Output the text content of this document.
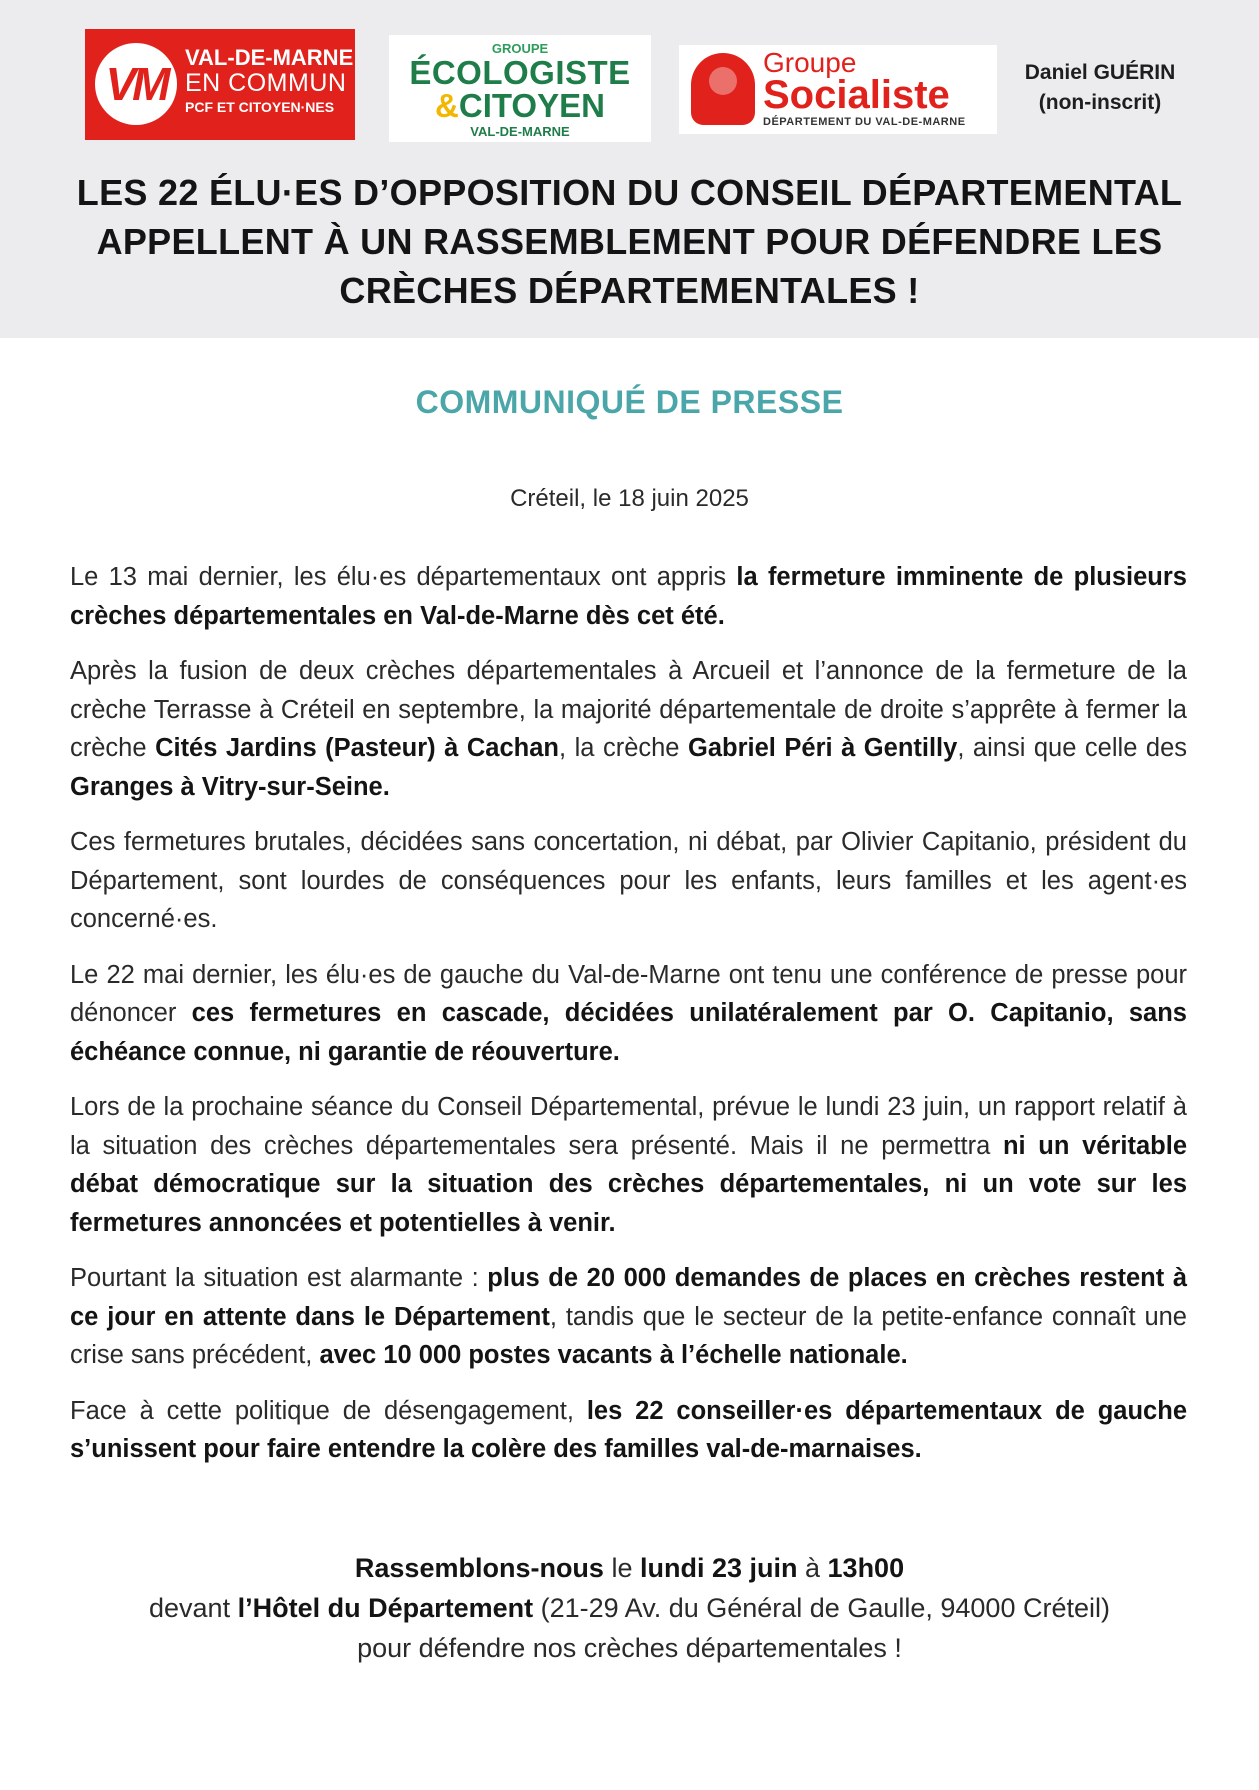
VM
VAL-DE-MARNE
EN COMMUN
PCF ET CITOYEN·NES
GROUPE
ÉCOLOGISTE
&CITOYEN
VAL-DE-MARNE
Groupe
Socialiste
DÉPARTEMENT DU VAL-DE-MARNE
Daniel GUÉRIN
(non-inscrit)
LES 22 ÉLU·ES D’OPPOSITION DU CONSEIL DÉPARTEMENTAL APPELLENT À UN RASSEMBLEMENT POUR DÉFENDRE LES CRÈCHES DÉPARTEMENTALES !
COMMUNIQUÉ DE PRESSE
Créteil, le 18 juin 2025

Le 13 mai dernier, les élu·es départementaux ont appris la fermeture imminente de plusieurs crèches départementales en Val-de-Marne dès cet été.

Après la fusion de deux crèches départementales à Arcueil et l’annonce de la fermeture de la crèche Terrasse à Créteil en septembre, la majorité départementale de droite s’apprête à fermer la crèche Cités Jardins (Pasteur) à Cachan, la crèche Gabriel Péri à Gentilly, ainsi que celle des Granges à Vitry-sur-Seine.

Ces fermetures brutales, décidées sans concertation, ni débat, par Olivier Capitanio, président du Département, sont lourdes de conséquences pour les enfants, leurs familles et les agent·es concerné·es.

Le 22 mai dernier, les élu·es de gauche du Val-de-Marne ont tenu une conférence de presse pour dénoncer ces fermetures en cascade, décidées unilatéralement par O. Capitanio, sans échéance connue, ni garantie de réouverture.

Lors de la prochaine séance du Conseil Départemental, prévue le lundi 23 juin, un rapport relatif à la situation des crèches départementales sera présenté. Mais il ne permettra ni un véritable débat démocratique sur la situation des crèches départementales, ni un vote sur les fermetures annoncées et potentielles à venir.

Pourtant la situation est alarmante : plus de 20 000 demandes de places en crèches restent à ce jour en attente dans le Département, tandis que le secteur de la petite-enfance connaît une crise sans précédent, avec 10 000 postes vacants à l’échelle nationale.

Face à cette politique de désengagement, les 22 conseiller·es départementaux de gauche s’unissent pour faire entendre la colère des familles val-de-marnaises.

Rassemblons-nous le lundi 23 juin à 13h00
devant l’Hôtel du Département (21-29 Av. du Général de Gaulle, 94000 Créteil)
pour défendre nos crèches départementales !
